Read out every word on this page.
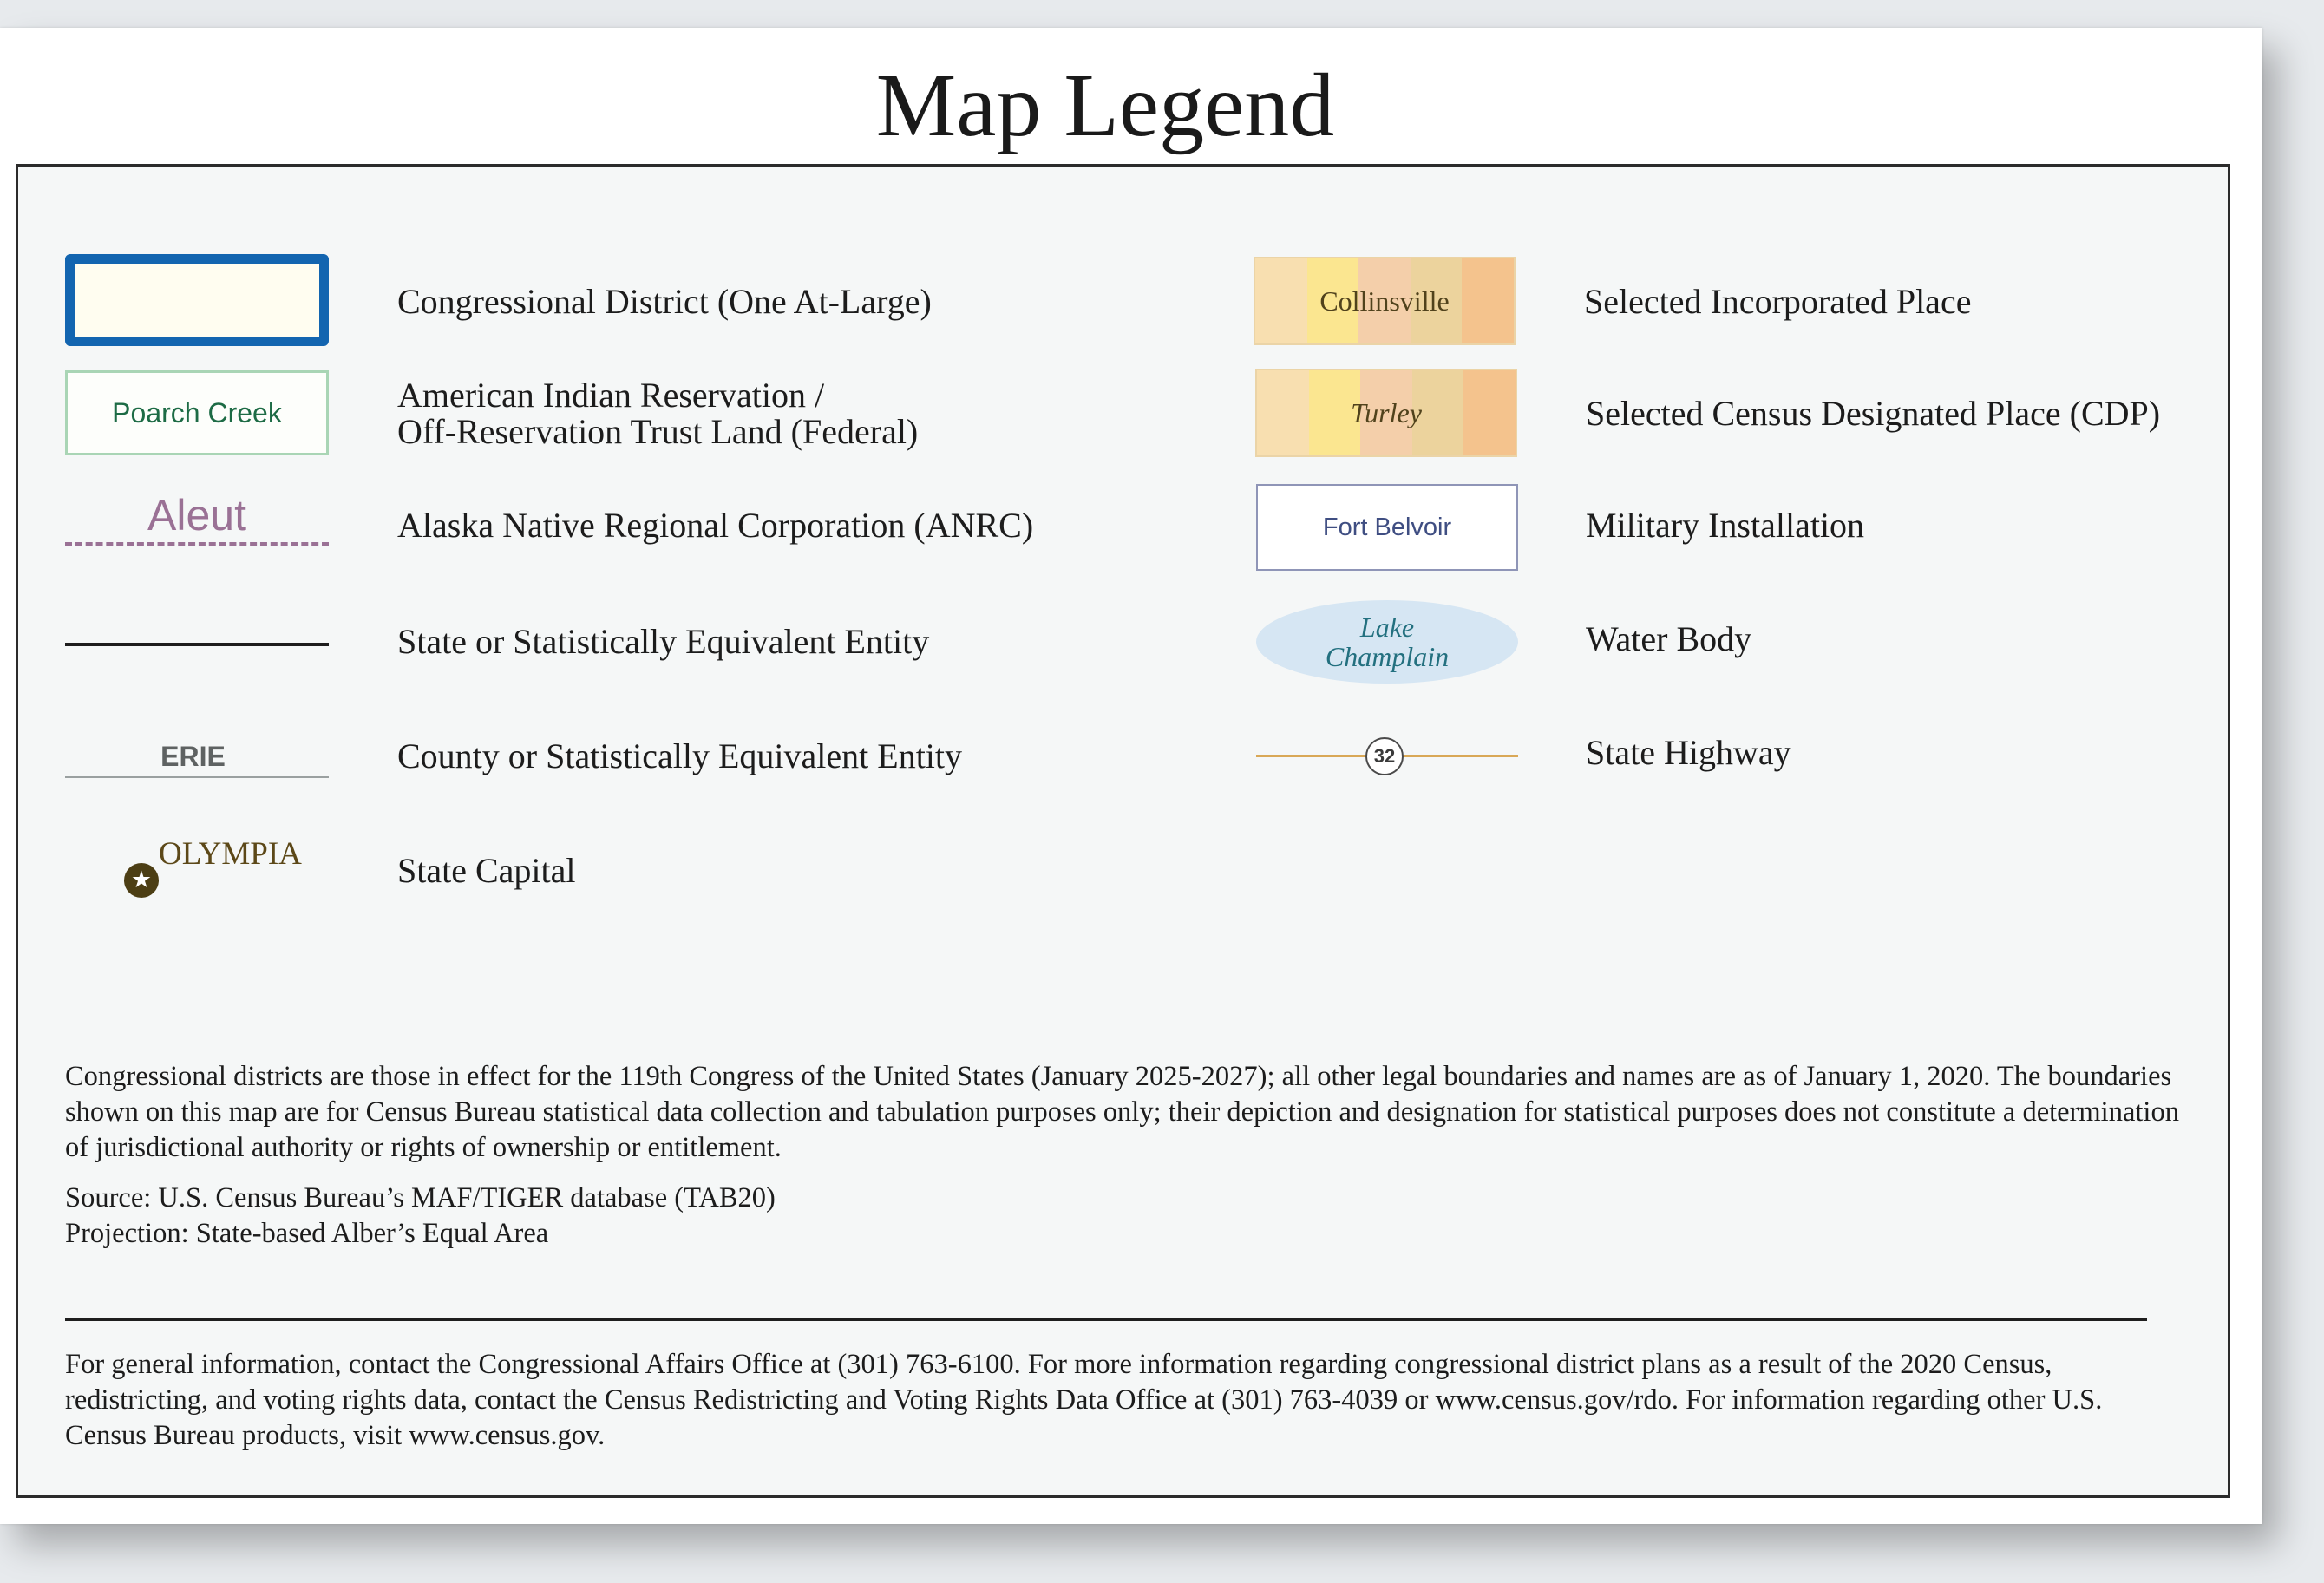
Map Legend
Congressional District (One At-Large)
Poarch Creek	American Indian Reservation /
Off-Reservation Trust Land (Federal)
Aleut	Alaska Native Regional Corporation (ANRC)
State or Statistically Equivalent Entity
ERIE	County or Statistically Equivalent Entity
★
OLYMPIA	State Capital
Collinsville	Selected Incorporated Place
Turley	Selected Census Designated Place (CDP)
Fort Belvoir	Military Installation
Lake
Champlain	Water Body
32	State Highway
Congressional districts are those in effect for the 119th Congress of the United States (January 2025-2027); all other legal boundaries and names are as of January 1, 2020. The boundaries shown on this map are for Census Bureau statistical data collection and tabulation purposes only; their depiction and designation for statistical purposes does not constitute a determination of jurisdictional authority or rights of ownership or entitlement.
Source: U.S. Census Bureau’s MAF/TIGER database (TAB20)
Projection: State-based Alber’s Equal Area
For general information, contact the Congressional Affairs Office at (301) 763-6100. For more information regarding congressional district plans as a result of the 2020 Census, redistricting, and voting rights data, contact the Census Redistricting and Voting Rights Data Office at (301) 763-4039 or www.census.gov/rdo. For information regarding other U.S. Census Bureau products, visit www.census.gov.
